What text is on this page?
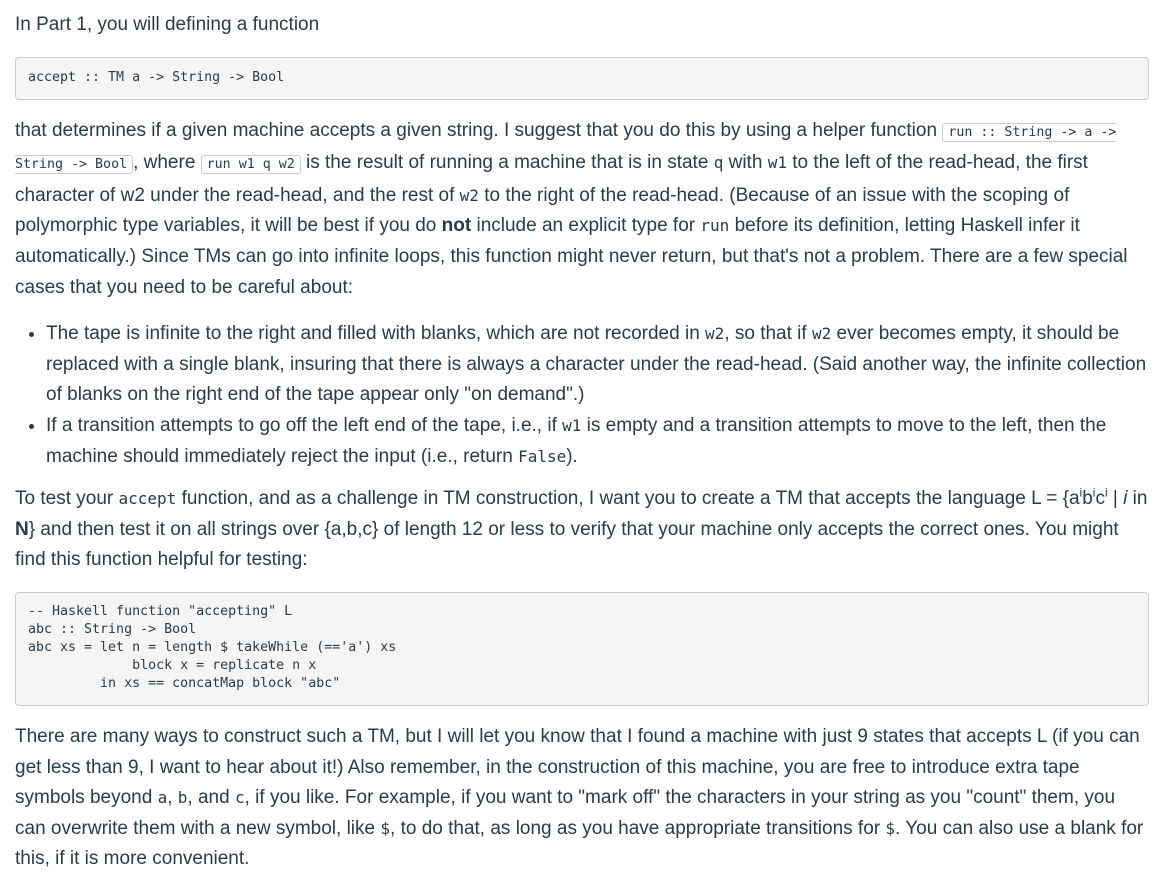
In Part 1, you will defining a function

accept :: TM a -> String -> Bool

that determines if a given machine accepts a given string. I suggest that you do this by using a helper function run :: String -> a -> String -> Bool , where run w1 q w2 is the result of running a machine that is in state q with w1 to the left of the read-head, the first character of w2 under the read-head, and the rest of w2 to the right of the read-head. (Because of an issue with the scoping of polymorphic type variables, it will be best if you do not include an explicit type for run before its definition, letting Haskell infer it automatically.) Since TMs can go into infinite loops, this function might never return, but that's not a problem. There are a few special cases that you need to be careful about:

• The tape is infinite to the right and filled with blanks, which are not recorded in w2, so that if w2 ever becomes empty, it should be replaced with a single blank, insuring that there is always a character under the read-head. (Said another way, the infinite collection of blanks on the right end of the tape appear only "on demand".)
• If a transition attempts to go off the left end of the tape, i.e., if w1 is empty and a transition attempts to move to the left, then the machine should immediately reject the input (i.e., return False).

To test your accept function, and as a challenge in TM construction, I want you to create a TM that accepts the language $L = \{a^ib^ic^i$ | i in N} and then test it on all strings over {a,b,c} of length 12 or less to verify that your machine only accepts the correct ones. You might find this function helpful for testing:

-- Haskell function "accepting" L
abc :: String -> Bool
abc xs = let n = length $ takeWhile (=='a') xs
block x = replicate n x
in xs == concatMap block "abc"

There are many ways to construct such a TM, but I will let you know that I found a machine with just 9 states that accepts L (if you can get less than 9, I want to hear about it!) Also remember, in the construction of this machine, you are free to introduce extra tape symbols beyond a, b, and c, if you like. For example, if you want to "mark off" the characters in your string as you "count" them, you can overwrite them with a new symbol, like $, to do that, as long as you have appropriate transitions for $. You can also use a blank for this, if it is more convenient.
